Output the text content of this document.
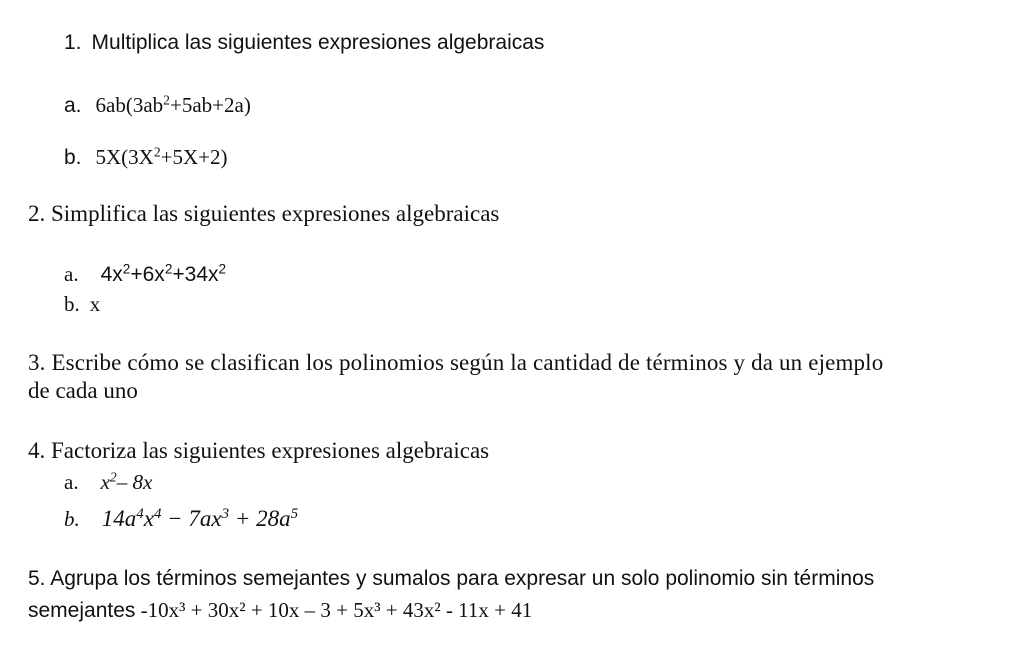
1. Multiplica las siguientes expresiones algebraicas
a. $6ab(3ab^2+5ab+2a)$
b. $5X(3X^2+5X+2)$
2. Simplifica las siguientes expresiones algebraicas
a. $4x^2+6x^2+34x^2$
b. x
3. Escribe cómo se clasifican los polinomios según la cantidad de términos y da un ejemplo
de cada uno
4. Factoriza las siguientes expresiones algebraicas
a. $x^2-$ 8x
b. $14a^4x^4 - 7ax^3 + 28a^5$
5. Agrupa los términos semejantes y sumalos para expresar un solo polinomio sin términos
semejantes -10x³ + 30x² + 10x – 3 + 5x³ + 43x² - 11x + 41
